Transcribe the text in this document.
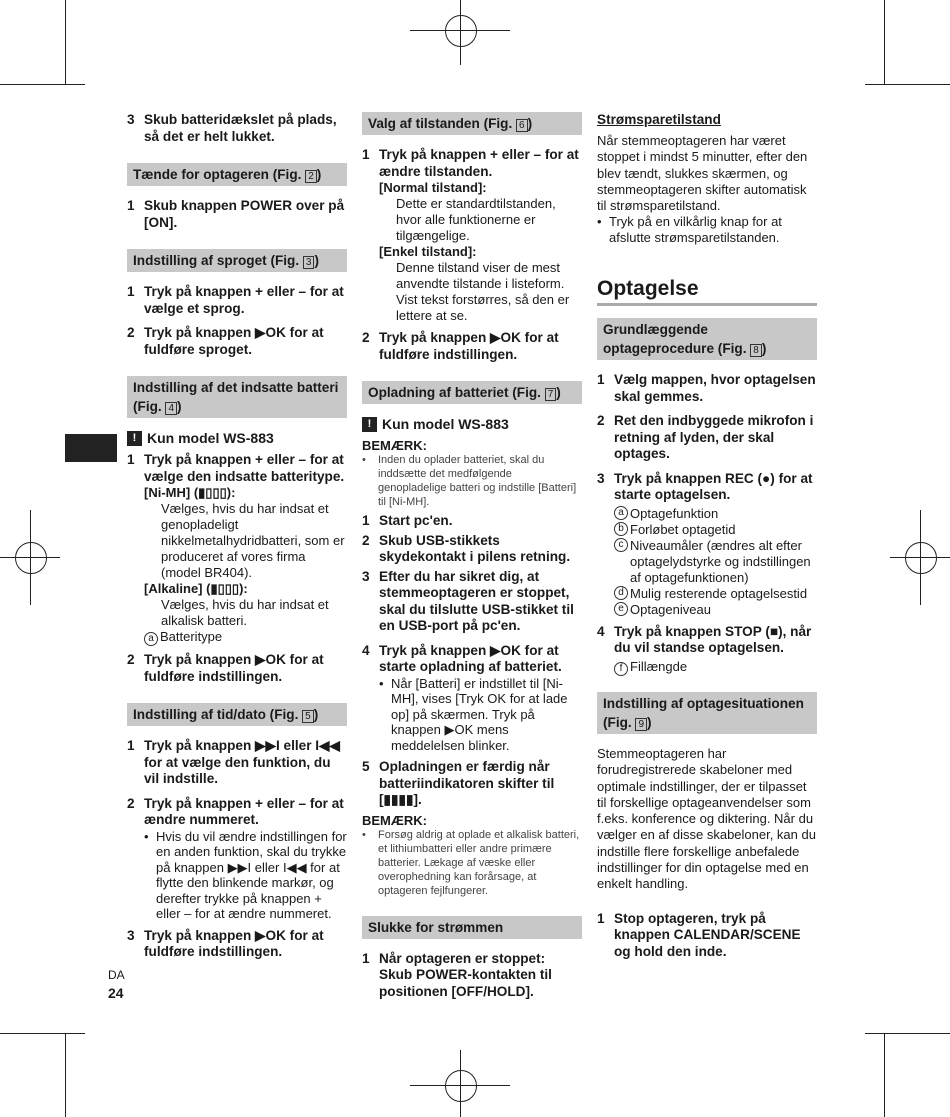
3 Skub batteridækslet på plads, så det er helt lukket.
Tænde for optageren (Fig. 2 )
1 Skub knappen POWER over på [ON].
Indstilling af sproget (Fig. 3 )
1 Tryk på knappen + eller – for at vælge et sprog.
2 Tryk på knappen ▶OK for at fuldføre sproget.
Indstilling af det indsatte batteri (Fig. 4 )
! Kun model WS-883
1 Tryk på knappen + eller – for at vælge den indsatte batteritype.
[Ni-MH] (▮▯▯▯):
Vælges, hvis du har indsat et genopladeligt nikkelmetalhydridbatteri, som er produceret af vores firma (model BR404).
[Alkaline] (▮▯▯▯):
Vælges, hvis du har indsat et alkalisk batteri.
a Batteritype
2 Tryk på knappen ▶OK for at fuldføre indstillingen.
Indstilling af tid/dato (Fig. 5 )
1 Tryk på knappen ▶▶I eller I◀◀ for at vælge den funktion, du vil indstille.
2 Tryk på knappen + eller – for at ændre nummeret.
• Hvis du vil ændre indstillingen for en anden funktion, skal du trykke på knappen ▶▶I eller I◀◀ for at flytte den blinkende markør, og derefter trykke på knappen + eller – for at ændre nummeret.
3 Tryk på knappen ▶OK for at fuldføre indstillingen.
Valg af tilstanden (Fig. 6 )
1 Tryk på knappen + eller – for at ændre tilstanden.
[Normal tilstand]:
Dette er standardtilstanden, hvor alle funktionerne er tilgængelige.
[Enkel tilstand]:
Denne tilstand viser de mest anvendte tilstande i listeform. Vist tekst forstørres, så den er lettere at se.
2 Tryk på knappen ▶OK for at fuldføre indstillingen.
Opladning af batteriet (Fig. 7 )
! Kun model WS-883
BEMÆRK:
•	Inden du oplader batteriet, skal du inddsætte det medfølgende genopladelige batteri og indstille [Batteri] til [Ni-MH].
1 Start pc'en.
2 Skub USB-stikkets skydekontakt i pilens retning.
3 Efter du har sikret dig, at stemmeoptageren er stoppet, skal du tilslutte USB-stikket til en USB-port på pc'en.
4 Tryk på knappen ▶OK for at starte opladning af batteriet.
• Når [Batteri] er indstillet til [Ni-MH], vises [Tryk OK for at lade op] på skærmen. Tryk på knappen ▶OK mens meddelelsen blinker.
5 Opladningen er færdig når batteriindikatoren skifter til [▮▮▮▮].
BEMÆRK:
•	Forsøg aldrig at oplade et alkalisk batteri, et lithiumbatteri eller andre primære batterier. Lækage af væske eller overophedning kan forårsage, at optageren fejlfungerer.
Slukke for strømmen
1 Når optageren er stoppet: Skub POWER-kontakten til positionen [OFF/HOLD].
Strømsparetilstand
Når stemmeoptageren har været stoppet i mindst 5 minutter, efter den blev tændt, slukkes skærmen, og stemmeoptageren skifter automatisk til strømsparetilstand.
• Tryk på en vilkårlig knap for at afslutte strømsparetilstanden.
Optagelse
Grundlæggende optageprocedure (Fig. 8 )
1 Vælg mappen, hvor optagelsen skal gemmes.
2 Ret den indbyggede mikrofon i retning af lyden, der skal optages.
3 Tryk på knappen REC (●) for at starte optagelsen.
a Optagefunktion
b Forløbet optagetid
c Niveaumåler (ændres alt efter optagelydstyrke og indstillingen af optagefunktionen)
d Mulig resterende optagelsestid
e Optageniveau
4 Tryk på knappen STOP (■), når du vil standse optagelsen.
f Fillængde
Indstilling af optagesituationen (Fig. 9 )
Stemmeoptageren har forudregistrerede skabeloner med optimale indstillinger, der er tilpasset til forskellige optageanvendelser som f.eks. konference og diktering. Når du vælger en af disse skabeloner, kan du indstille flere forskellige anbefalede indstillinger for din optagelse med en enkelt handling.
1 Stop optageren, tryk på knappen CALENDAR/SCENE og hold den inde.
DA
24
